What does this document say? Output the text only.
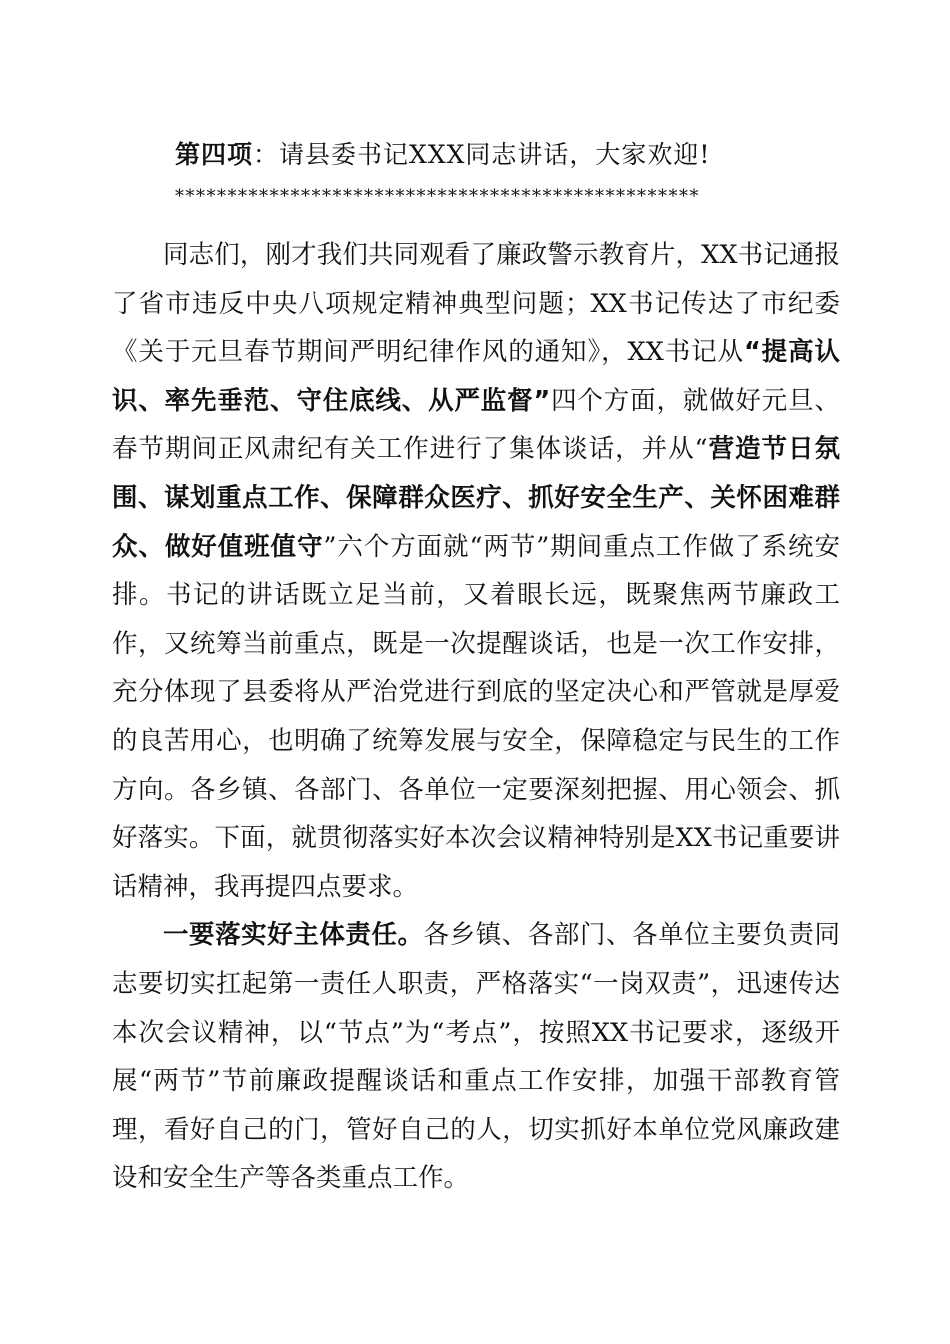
第四项：请县委书记XXX同志讲话，大家欢迎!
**************************************************

同志们，刚才我们共同观看了廉政警示教育片，XX书记通报了省市违反中央八项规定精神典型问题；XX书记传达了市纪委《关于元旦春节期间严明纪律作风的通知》，XX书记从“提高认识、率先垂范、守住底线、从严监督”四个方面，就做好元旦、春节期间正风肃纪有关工作进行了集体谈话，并从“营造节日氛围、谋划重点工作、保障群众医疗、抓好安全生产、关怀困难群众、做好值班值守”六个方面就“两节”期间重点工作做了系统安排。书记的讲话既立足当前，又着眼长远，既聚焦两节廉政工作，又统筹当前重点，既是一次提醒谈话，也是一次工作安排，充分体现了县委将从严治党进行到底的坚定决心和严管就是厚爱的良苦用心，也明确了统筹发展与安全，保障稳定与民生的工作方向。各乡镇、各部门、各单位一定要深刻把握、用心领会、抓好落实。下面，就贯彻落实好本次会议精神特别是XX书记重要讲话精神，我再提四点要求。

一要落实好主体责任。各乡镇、各部门、各单位主要负责同志要切实扛起第一责任人职责，严格落实“一岗双责”，迅速传达本次会议精神，以“节点”为“考点”，按照XX书记要求，逐级开展“两节”节前廉政提醒谈话和重点工作安排，加强干部教育管理，看好自己的门，管好自己的人，切实抓好本单位党风廉政建设和安全生产等各类重点工作。
